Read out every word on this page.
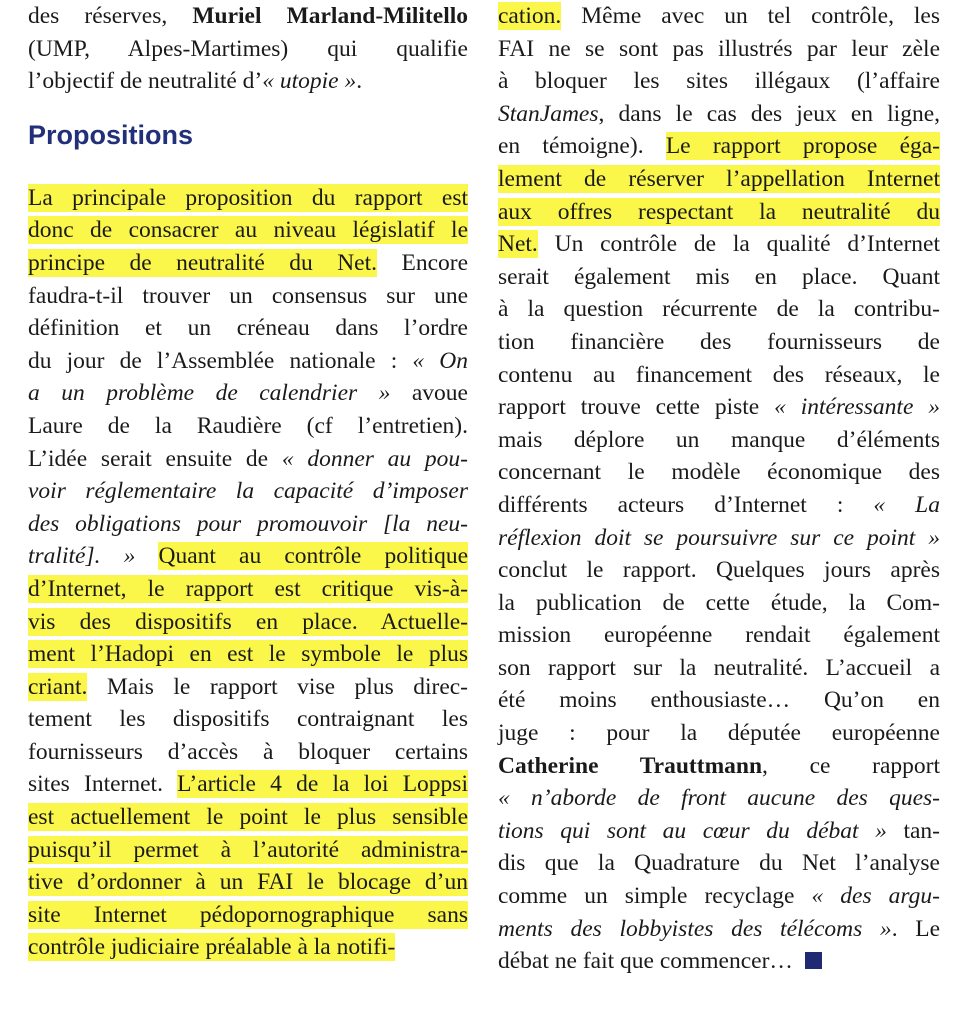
des réserves, Muriel Marland-Militello
(UMP, Alpes-Martimes) qui qualifie
l’objectif de neutralité d’« utopie ».
Propositions
La principale proposition du rapport est
donc de consacrer au niveau législatif le
principe de neutralité du Net. Encore
faudra-t-il trouver un consensus sur une
définition et un créneau dans l’ordre
du jour de l’Assemblée nationale : « On
a un problème de calendrier » avoue
Laure de la Raudière (cf l’entretien).
L’idée serait ensuite de « donner au pou-
voir réglementaire la capacité d’imposer
des obligations pour promouvoir [la neu-
tralité]. » Quant au contrôle politique
d’Internet, le rapport est critique vis-à-
vis des dispositifs en place. Actuelle-
ment l’Hadopi en est le symbole le plus
criant. Mais le rapport vise plus direc-
tement les dispositifs contraignant les
fournisseurs d’accès à bloquer certains
sites Internet. L’article 4 de la loi Loppsi
est actuellement le point le plus sensible
puisqu’il permet à l’autorité administra-
tive d’ordonner à un FAI le blocage d’un
site Internet pédopornographique sans
contrôle judiciaire préalable à la notifi-
cation. Même avec un tel contrôle, les
FAI ne se sont pas illustrés par leur zèle
à bloquer les sites illégaux (l’affaire
StanJames, dans le cas des jeux en ligne,
en témoigne). Le rapport propose éga-
lement de réserver l’appellation Internet
aux offres respectant la neutralité du
Net. Un contrôle de la qualité d’Internet
serait également mis en place. Quant
à la question récurrente de la contribu-
tion financière des fournisseurs de
contenu au financement des réseaux, le
rapport trouve cette piste « intéressante »
mais déplore un manque d’éléments
concernant le modèle économique des
différents acteurs d’Internet : « La
réflexion doit se poursuivre sur ce point »
conclut le rapport. Quelques jours après
la publication de cette étude, la Com-
mission européenne rendait également
son rapport sur la neutralité. L’accueil a
été moins enthousiaste… Qu’on en
juge : pour la députée européenne
Catherine Trauttmann, ce rapport
« n’aborde de front aucune des ques-
tions qui sont au cœur du débat » tan-
dis que la Quadrature du Net l’analyse
comme un simple recyclage « des argu-
ments des lobbyistes des télécoms ». Le
débat ne fait que commencer…
